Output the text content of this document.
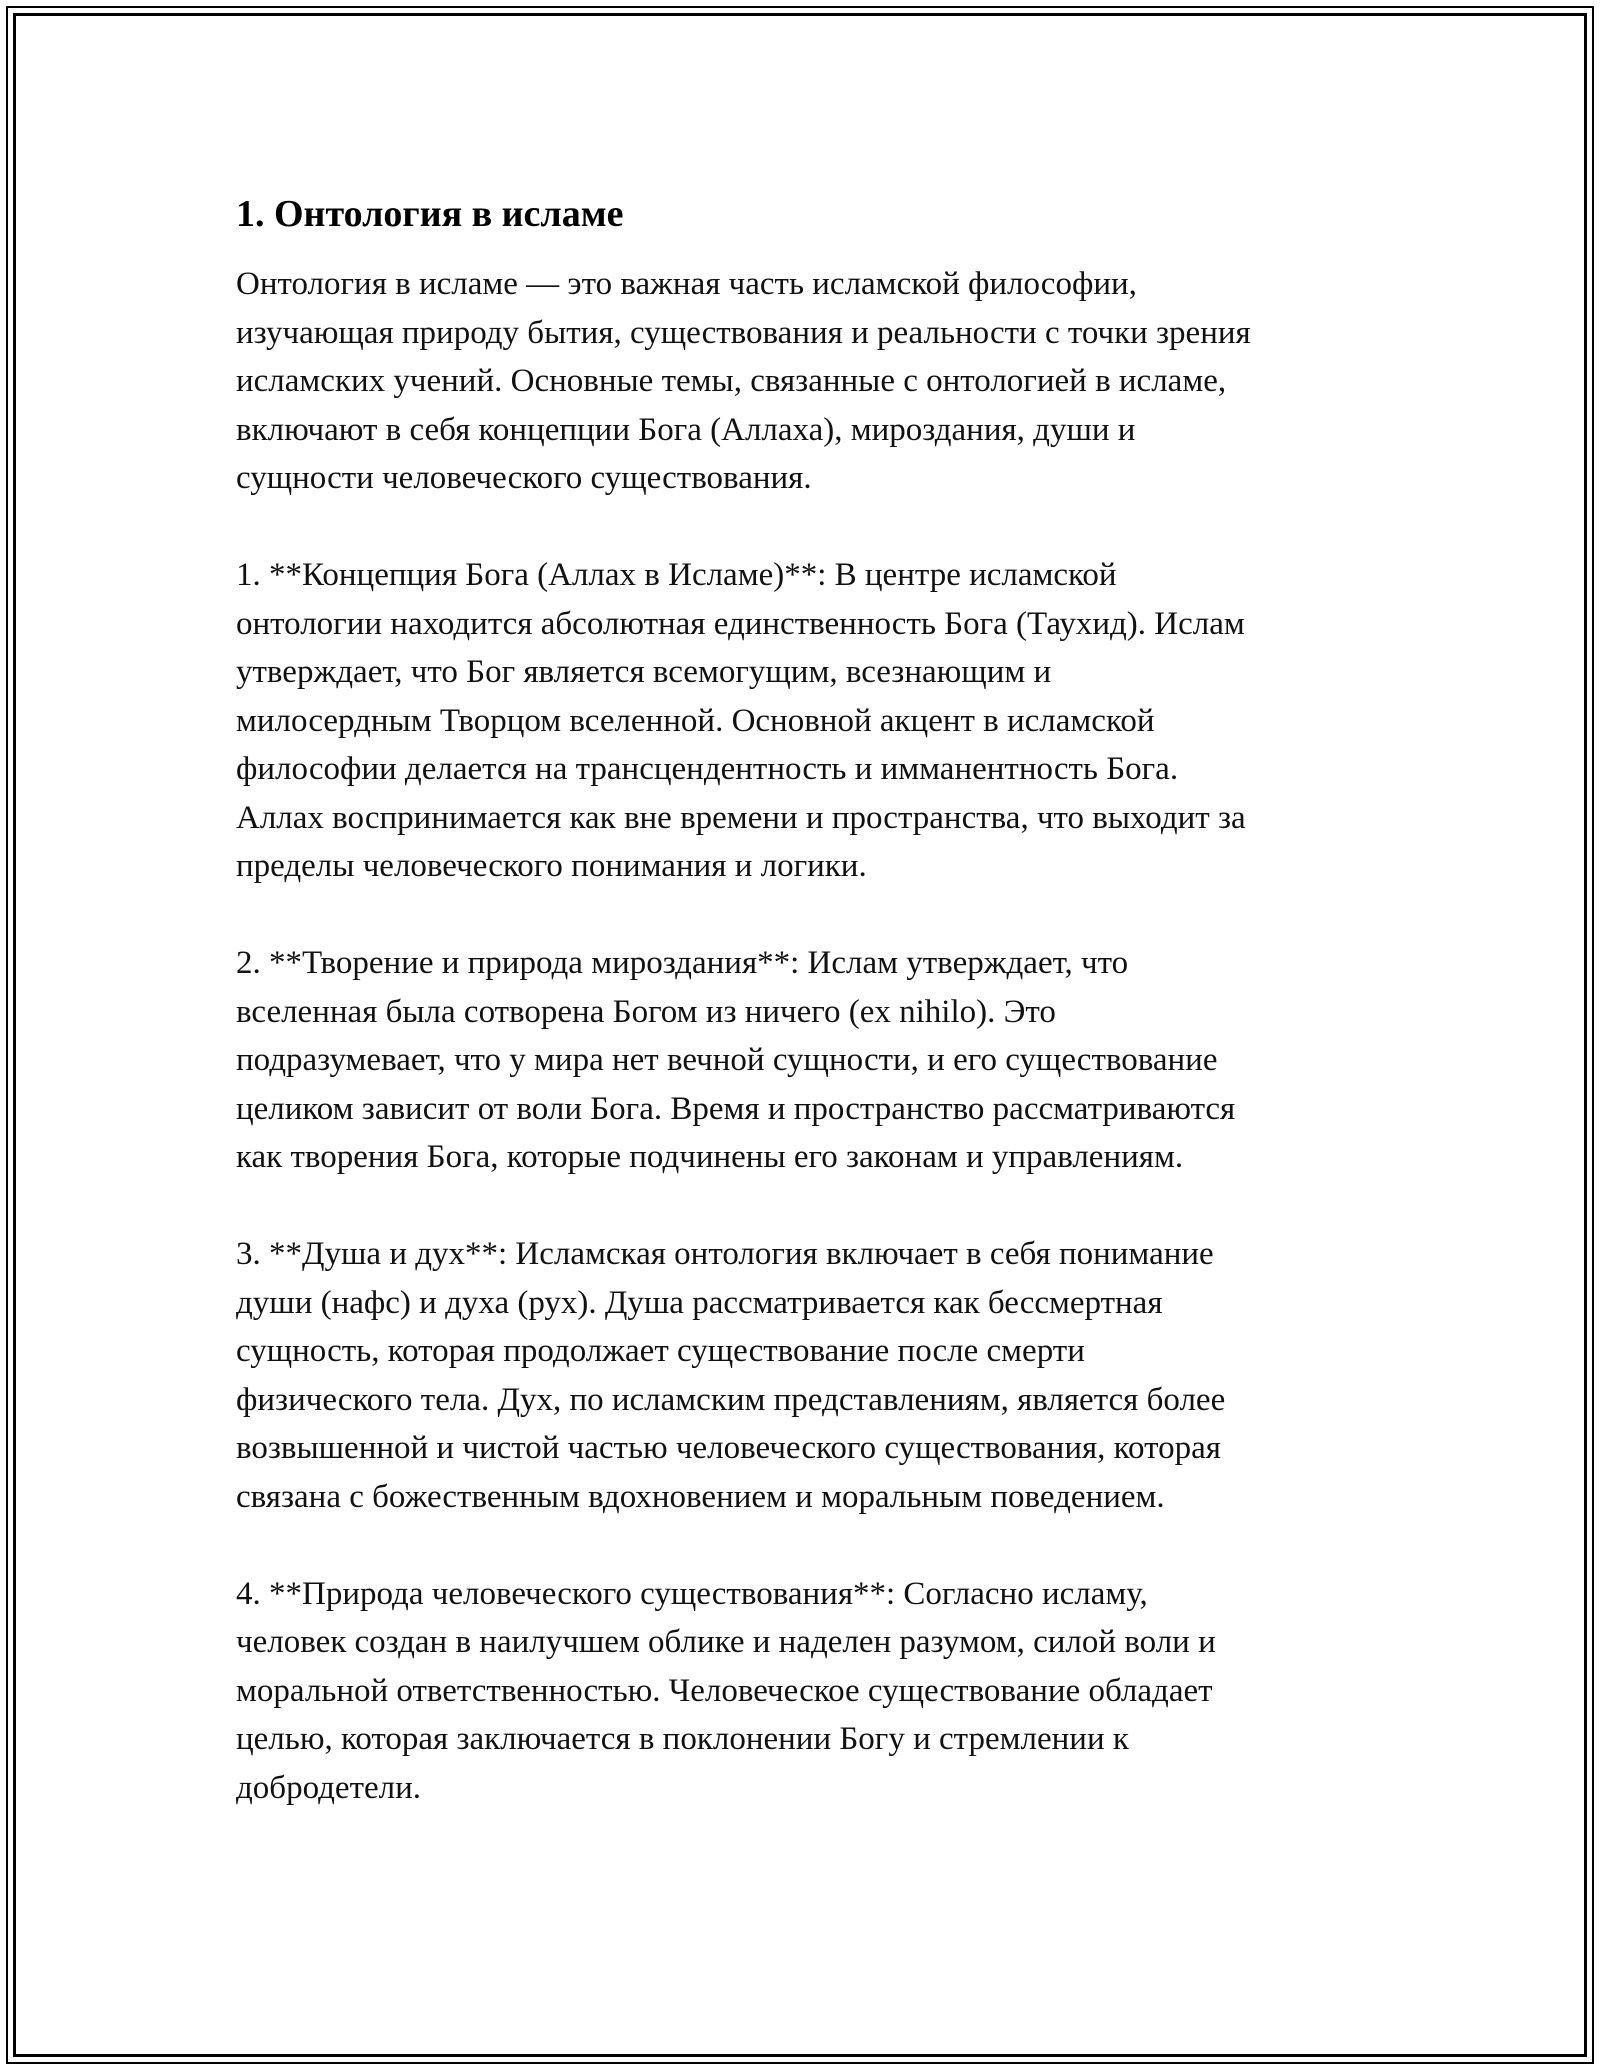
1. Онтология в исламе

Онтология в исламе — это важная часть исламской философии,
изучающая природу бытия, существования и реальности с точки зрения
исламских учений. Основные темы, связанные с онтологией в исламе,
включают в себя концепции Бога (Аллаха), мироздания, души и
сущности человеческого существования.

1. **Концепция Бога (Аллах в Исламе)**: В центре исламской
онтологии находится абсолютная единственность Бога (Таухид). Ислам
утверждает, что Бог является всемогущим, всезнающим и
милосердным Творцом вселенной. Основной акцент в исламской
философии делается на трансцендентность и имманентность Бога.
Аллах воспринимается как вне времени и пространства, что выходит за
пределы человеческого понимания и логики.

2. **Творение и природа мироздания**: Ислам утверждает, что
вселенная была сотворена Богом из ничего (ex nihilo). Это
подразумевает, что у мира нет вечной сущности, и его существование
целиком зависит от воли Бога. Время и пространство рассматриваются
как творения Бога, которые подчинены его законам и управлениям.

3. **Душа и дух**: Исламская онтология включает в себя понимание
души (нафс) и духа (рух). Душа рассматривается как бессмертная
сущность, которая продолжает существование после смерти
физического тела. Дух, по исламским представлениям, является более
возвышенной и чистой частью человеческого существования, которая
связана с божественным вдохновением и моральным поведением.

4. **Природа человеческого существования**: Согласно исламу,
человек создан в наилучшем облике и наделен разумом, силой воли и
моральной ответственностью. Человеческое существование обладает
целью, которая заключается в поклонении Богу и стремлении к
добродетели.
